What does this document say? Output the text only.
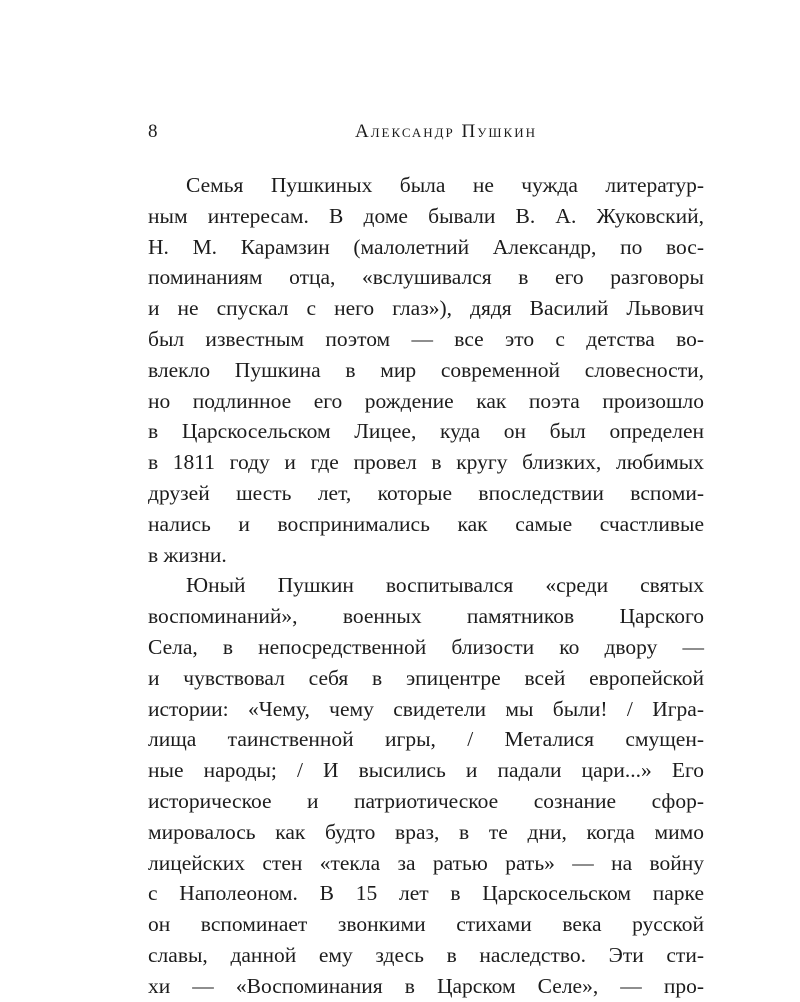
8	Александр Пушкин
Семья Пушкиных была не чужда литератур-
ным интересам. В доме бывали В. А. Жуковский,
Н. М. Карамзин (малолетний Александр, по вос-
поминаниям отца, «вслушивался в его разговоры
и не спускал с него глаз»), дядя Василий Львович
был известным поэтом — все это с детства во-
влекло Пушкина в мир современной словесности,
но подлинное его рождение как поэта произошло
в Царскосельском Лицее, куда он был определен
в 1811 году и где провел в кругу близких, любимых
друзей шесть лет, которые впоследствии вспоми-
нались и воспринимались как самые счастливые
в жизни.
Юный Пушкин воспитывался «среди святых
воспоминаний», военных памятников Царского
Села, в непосредственной близости ко двору —
и чувствовал себя в эпицентре всей европейской
истории: «Чему, чему свидетели мы были! / Игра-
лища таинственной игры, / Металися смущен-
ные народы; / И высились и падали цари...» Его
историческое и патриотическое сознание сфор-
мировалось как будто враз, в те дни, когда мимо
лицейских стен «текла за ратью рать» — на войну
с Наполеоном. В 15 лет в Царскосельском парке
он вспоминает звонкими стихами века русской
славы, данной ему здесь в наследство. Эти сти-
хи — «Воспоминания в Царском Селе», — про-
